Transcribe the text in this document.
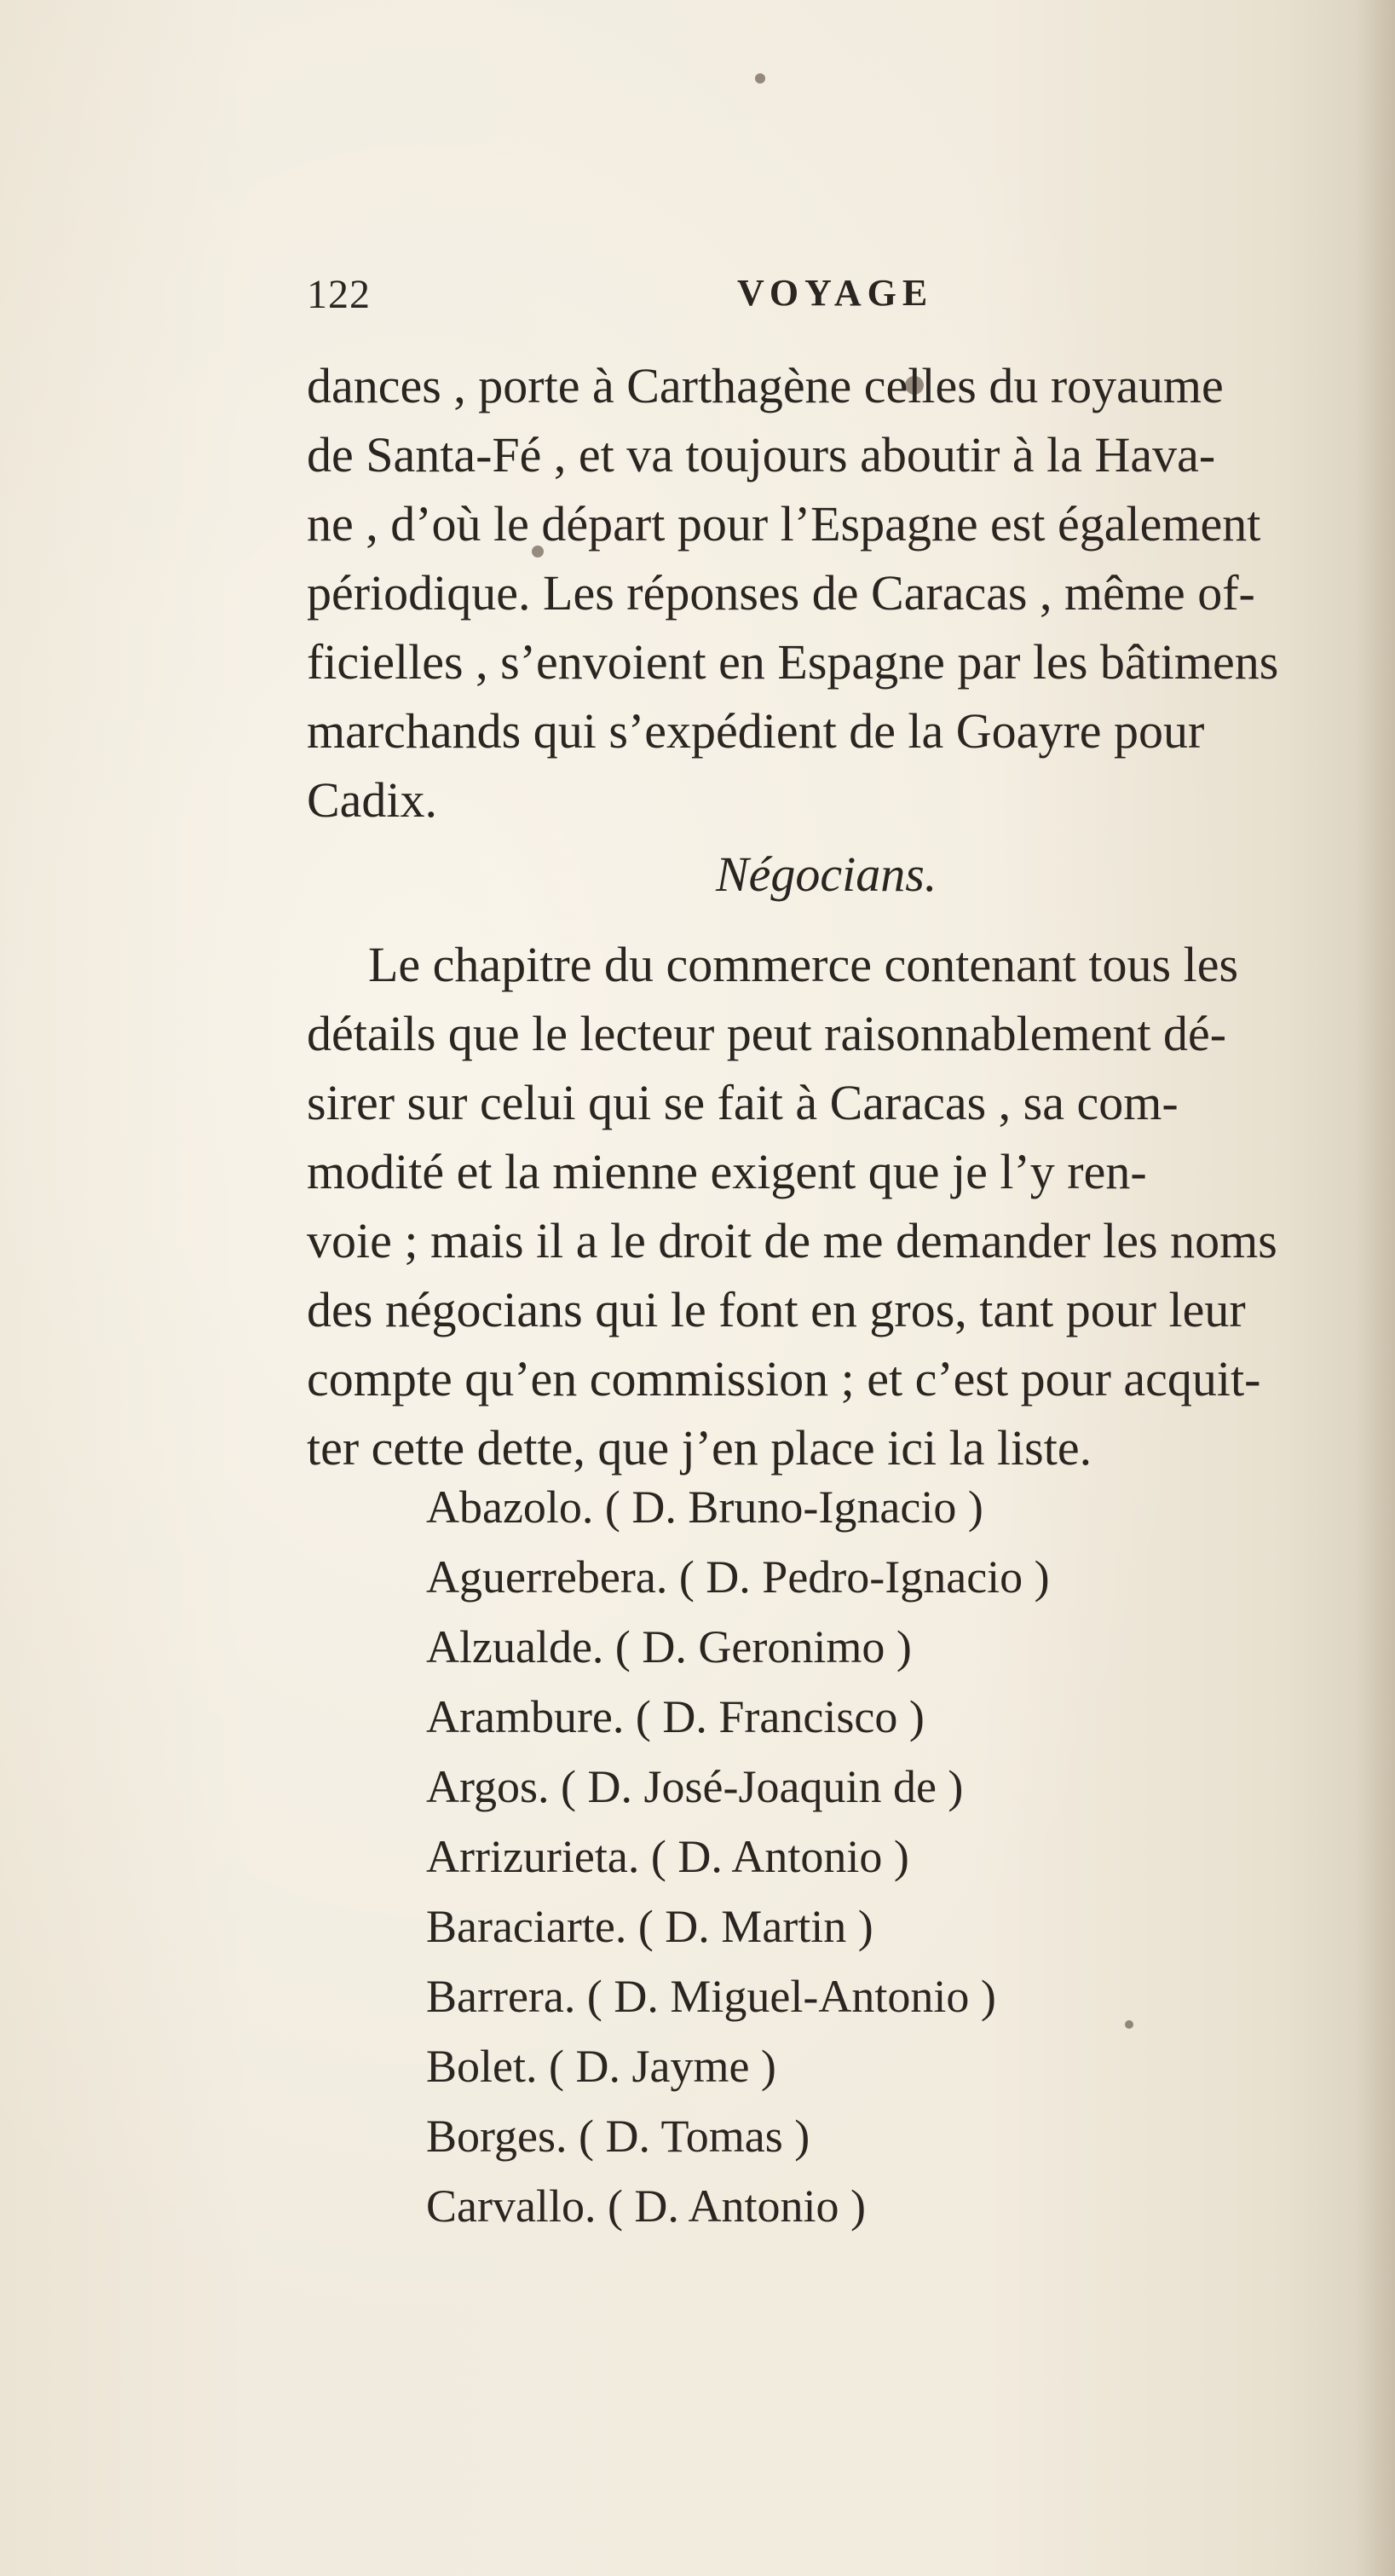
122	VOYAGE
dances , porte à Carthagène celles du royaume
de Santa-Fé , et va toujours aboutir à la Hava-
ne , d’où le départ pour l’Espagne est également
périodique. Les réponses de Caracas , même of-
ficielles , s’envoient en Espagne par les bâtimens
marchands qui s’expédient de la Goayre pour
Cadix.
Négocians.
Le chapitre du commerce contenant tous les
détails que le lecteur peut raisonnablement dé-
sirer sur celui qui se fait à Caracas , sa com-
modité et la mienne exigent que je l’y ren-
voie ; mais il a le droit de me demander les noms
des négocians qui le font en gros, tant pour leur
compte qu’en commission ; et c’est pour acquit-
ter cette dette, que j’en place ici la liste.
Abazolo. ( D. Bruno-Ignacio )
Aguerrebera. ( D. Pedro-Ignacio )
Alzualde. ( D. Geronimo )
Arambure. ( D. Francisco )
Argos. ( D. José-Joaquin de )
Arrizurieta. ( D. Antonio )
Baraciarte. ( D. Martin )
Barrera. ( D. Miguel-Antonio )
Bolet. ( D. Jayme )
Borges. ( D. Tomas )
Carvallo. ( D. Antonio )
